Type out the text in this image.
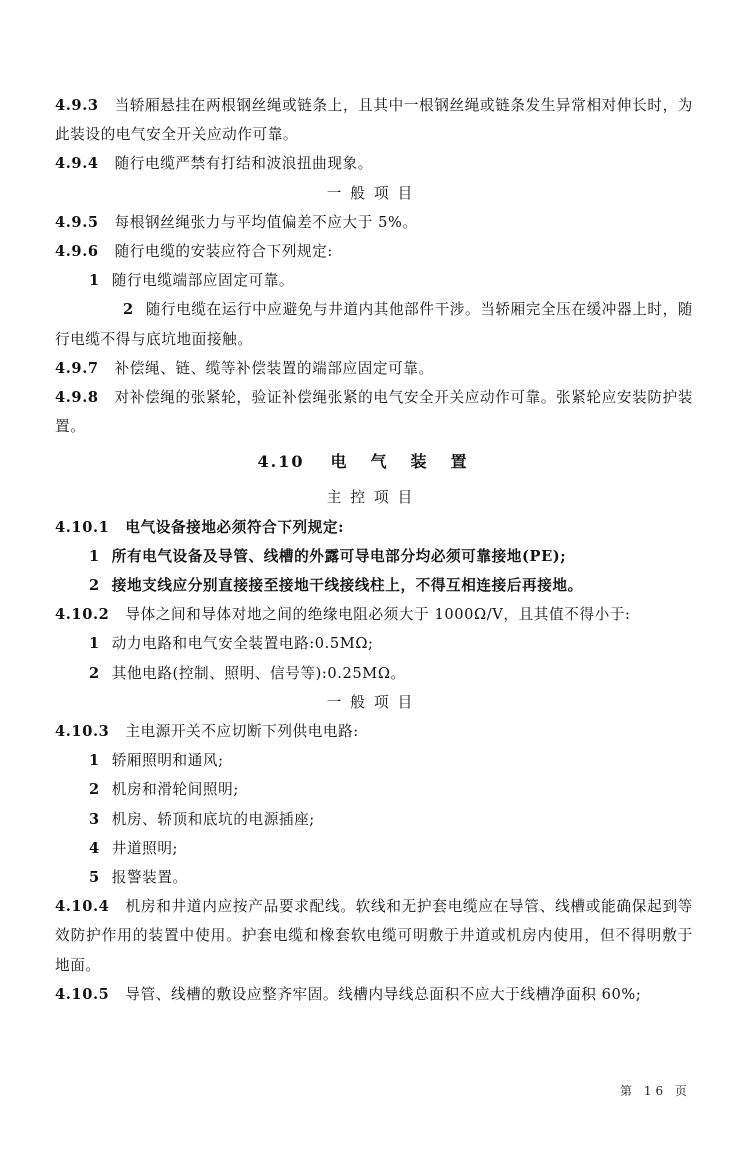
4.9.3 当轿厢悬挂在两根钢丝绳或链条上，且其中一根钢丝绳或链条发生异常相对伸长时，为此装设的电气安全开关应动作可靠。

4.9.4 随行电缆严禁有打结和波浪扭曲现象。

一般项目

4.9.5 每根钢丝绳张力与平均值偏差不应大于 5%。

4.9.6 随行电缆的安装应符合下列规定:

1 随行电缆端部应固定可靠。

2 随行电缆在运行中应避免与井道内其他部件干涉。当轿厢完全压在缓冲器上时，随行电缆不得与底坑地面接触。

4.9.7 补偿绳、链、缆等补偿装置的端部应固定可靠。

4.9.8 对补偿绳的张紧轮，验证补偿绳张紧的电气安全开关应动作可靠。张紧轮应安装防护装置。

4.10 电气装置

主控项目

4.10.1 电气设备接地必须符合下列规定:

1 所有电气设备及导管、线槽的外露可导电部分均必须可靠接地(PE);

2 接地支线应分别直接接至接地干线接线柱上，不得互相连接后再接地。

4.10.2 导体之间和导体对地之间的绝缘电阻必须大于 1000Ω/V，且其值不得小于:

1 动力电路和电气安全装置电路:0.5MΩ;

2 其他电路(控制、照明、信号等):0.25MΩ。

一般项目

4.10.3 主电源开关不应切断下列供电电路:

1 轿厢照明和通风;

2 机房和滑轮间照明;

3 机房、轿顶和底坑的电源插座;

4 井道照明;

5 报警装置。

4.10.4 机房和井道内应按产品要求配线。软线和无护套电缆应在导管、线槽或能确保起到等效防护作用的装置中使用。护套电缆和橡套软电缆可明敷于井道或机房内使用，但不得明敷于地面。

4.10.5 导管、线槽的敷设应整齐牢固。线槽内导线总面积不应大于线槽净面积 60%;

第 16 页
